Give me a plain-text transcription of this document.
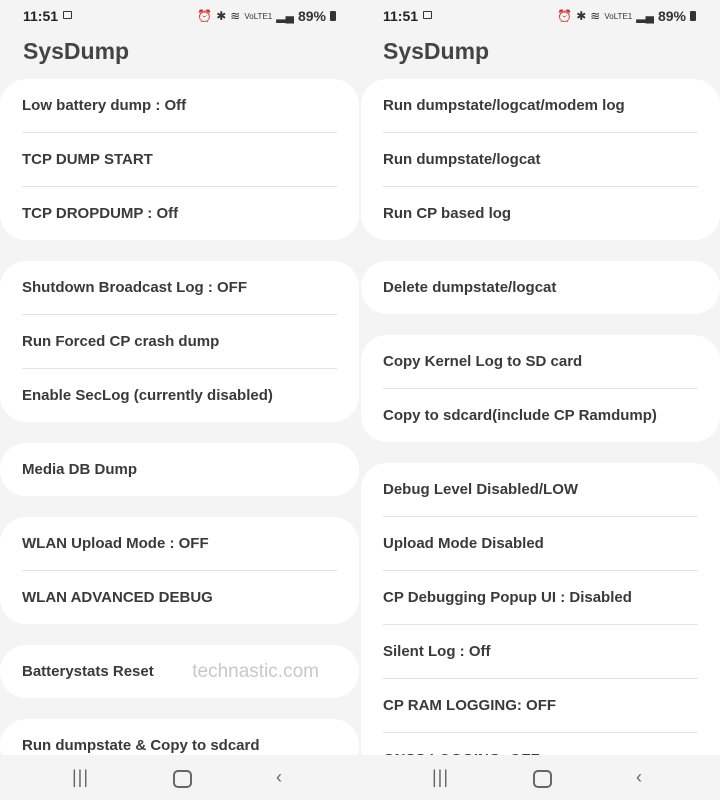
11:51	⏰ ✱ ≋ VoLTE1 ▂▄ 89%
SysDump
Low battery dump : Off
TCP DUMP START
TCP DROPDUMP : Off
Shutdown Broadcast Log : OFF
Run Forced CP crash dump
Enable SecLog (currently disabled)
Media DB Dump
WLAN Upload Mode : OFF
WLAN ADVANCED DEBUG
Batterystats Reset technastic.com
Run dumpstate & Copy to sdcard
|||	‹
11:51	⏰ ✱ ≋ VoLTE1 ▂▄ 89%
SysDump
Run dumpstate/logcat/modem log
Run dumpstate/logcat
Run CP based log
Delete dumpstate/logcat
Copy Kernel Log to SD card
Copy to sdcard(include CP Ramdump)
Debug Level Disabled/LOW
Upload Mode Disabled
CP Debugging Popup UI : Disabled
Silent Log : Off
CP RAM LOGGING: OFF
|||	‹
